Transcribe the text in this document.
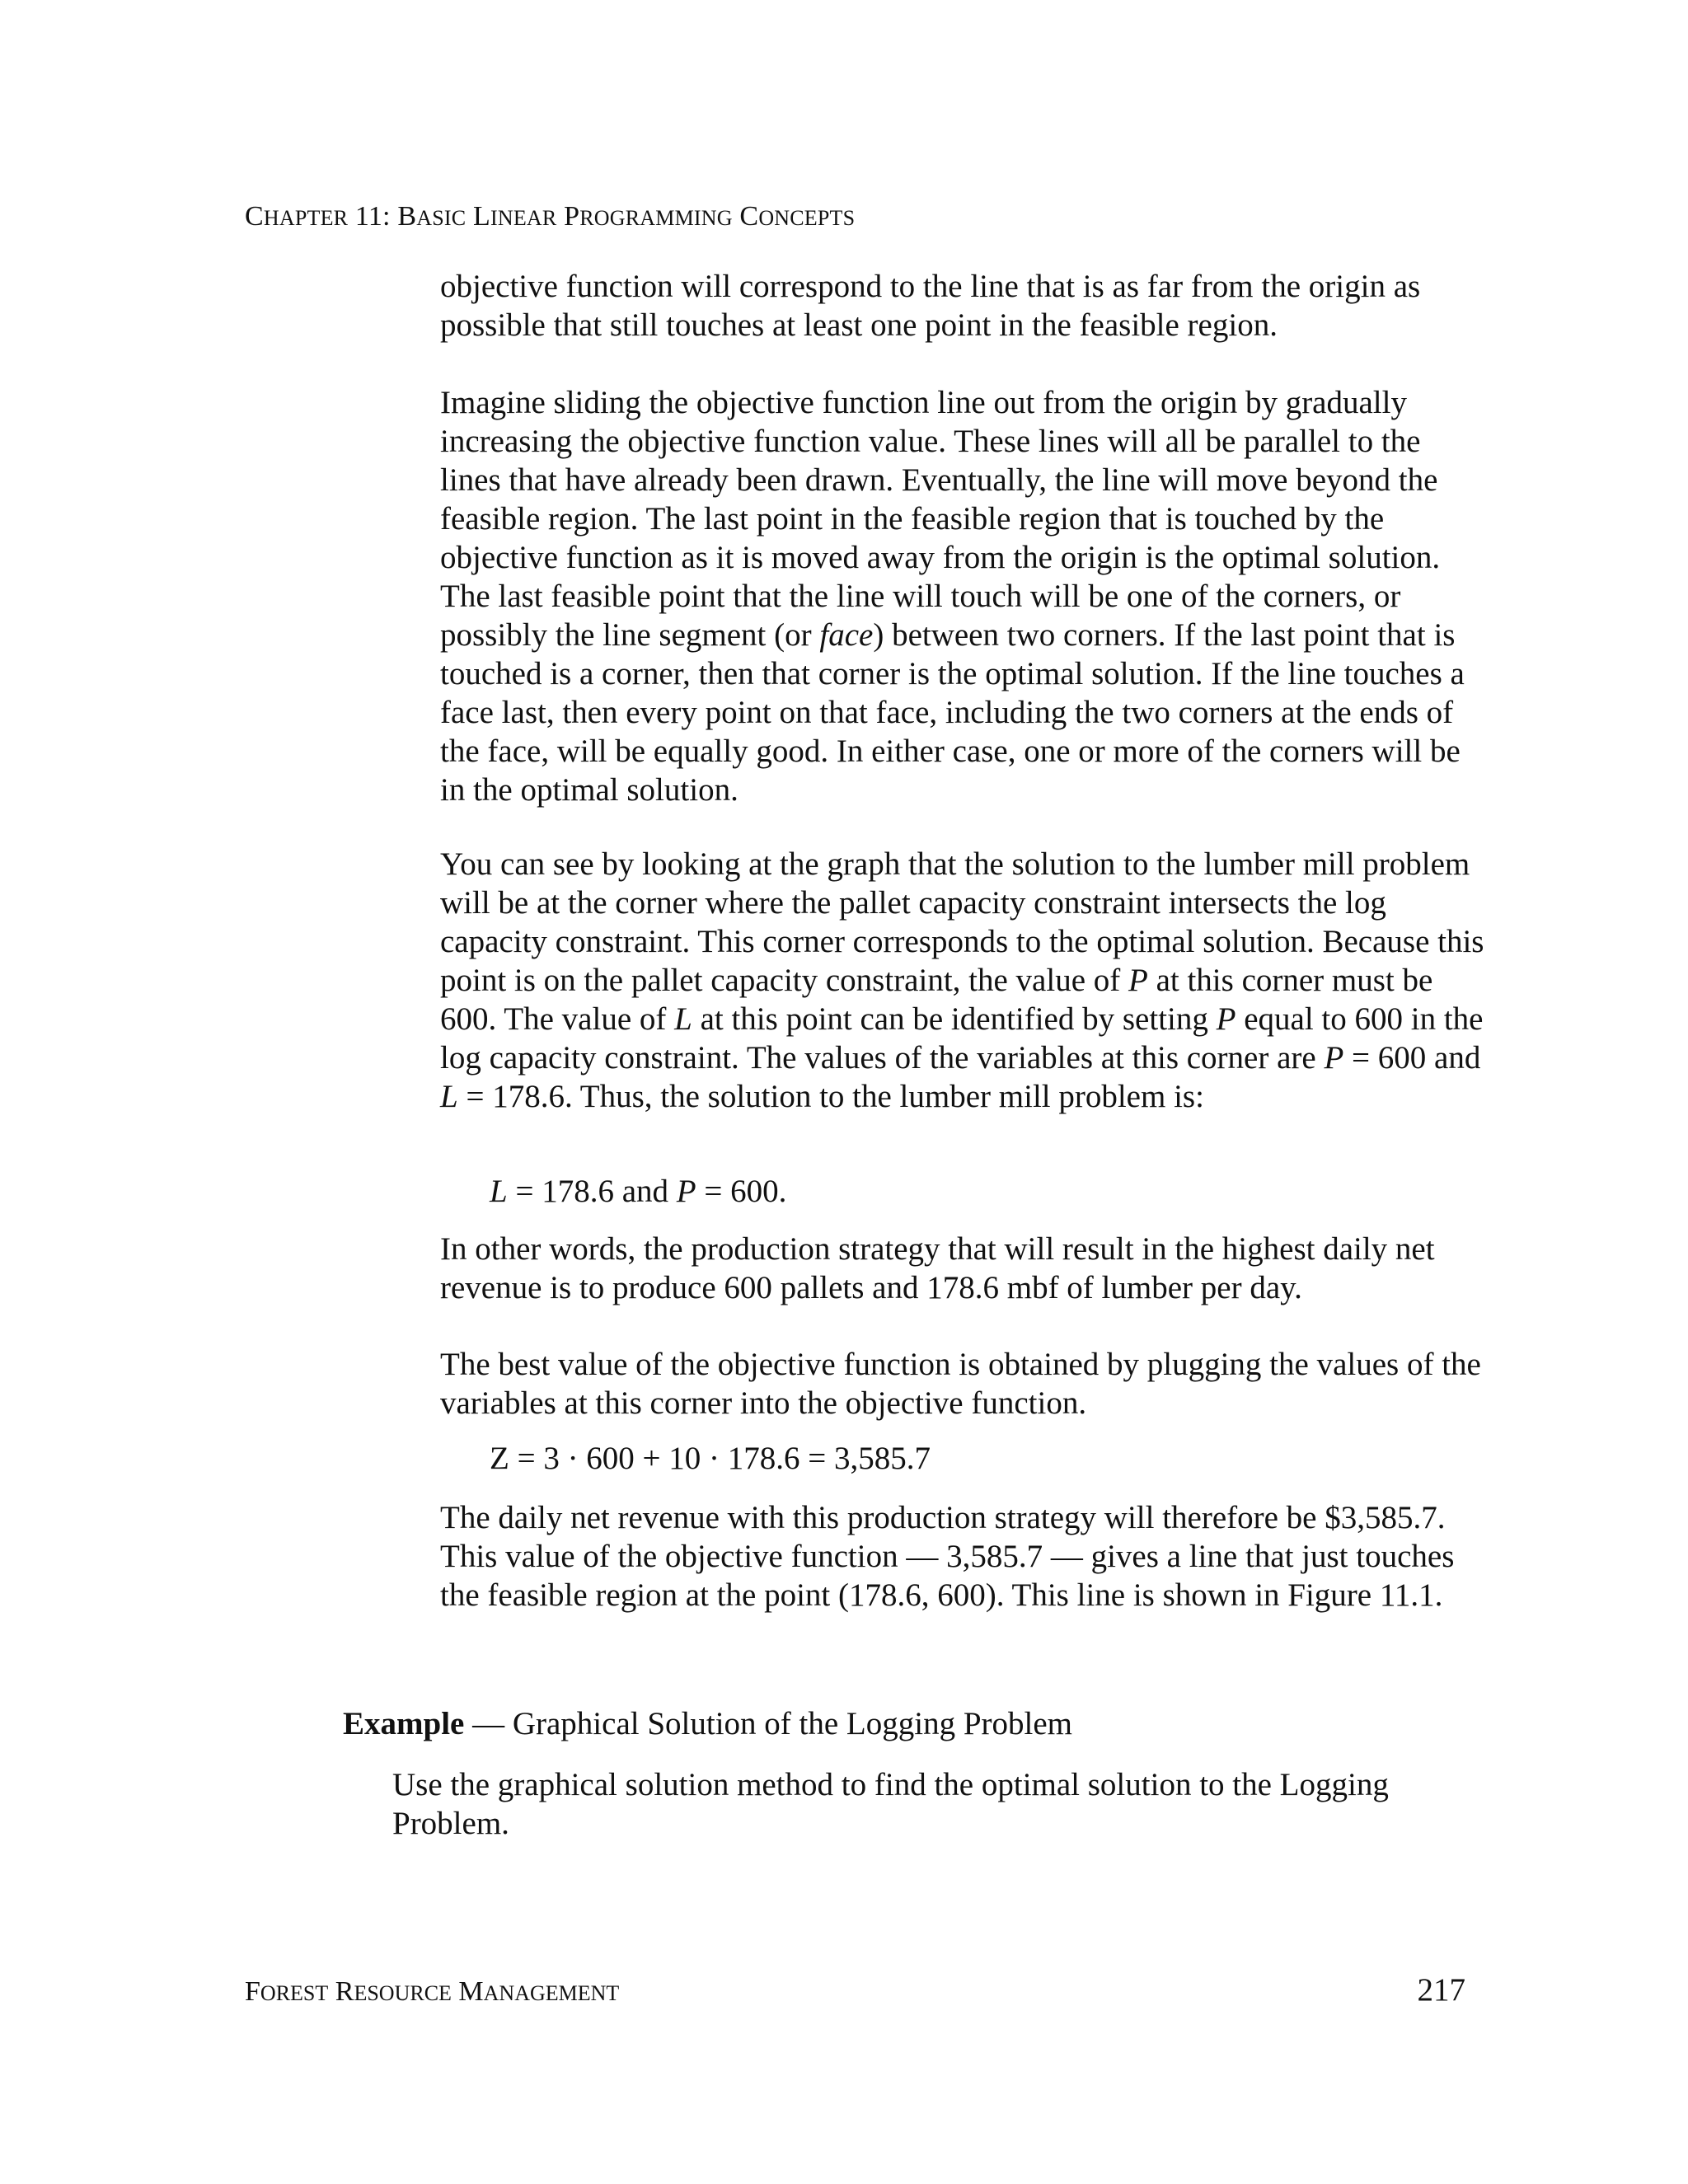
CHAPTER 11: BASIC LINEAR PROGRAMMING CONCEPTS

objective function will correspond to the line that is as far from the origin as possible that still touches at least one point in the feasible region.

Imagine sliding the objective function line out from the origin by gradually increasing the objective function value. These lines will all be parallel to the lines that have already been drawn. Eventually, the line will move beyond the feasible region. The last point in the feasible region that is touched by the objective function as it is moved away from the origin is the optimal solution. The last feasible point that the line will touch will be one of the corners, or possibly the line segment (or face) between two corners. If the last point that is touched is a corner, then that corner is the optimal solution. If the line touches a face last, then every point on that face, including the two corners at the ends of the face, will be equally good. In either case, one or more of the corners will be in the optimal solution.

You can see by looking at the graph that the solution to the lumber mill problem will be at the corner where the pallet capacity constraint intersects the log capacity constraint. This corner corresponds to the optimal solution. Because this point is on the pallet capacity constraint, the value of P at this corner must be 600. The value of L at this point can be identified by setting P equal to 600 in the log capacity constraint. The values of the variables at this corner are P = 600 and L = 178.6. Thus, the solution to the lumber mill problem is:

L = 178.6 and P = 600.

In other words, the production strategy that will result in the highest daily net revenue is to produce 600 pallets and 178.6 mbf of lumber per day.

The best value of the objective function is obtained by plugging the values of the variables at this corner into the objective function.

Z = 3 · 600 + 10 · 178.6 = 3,585.7

The daily net revenue with this production strategy will therefore be $3,585.7. This value of the objective function — 3,585.7 — gives a line that just touches the feasible region at the point (178.6, 600). This line is shown in Figure 11.1.

Example — Graphical Solution of the Logging Problem

Use the graphical solution method to find the optimal solution to the Logging Problem.

FOREST RESOURCE MANAGEMENT	217
